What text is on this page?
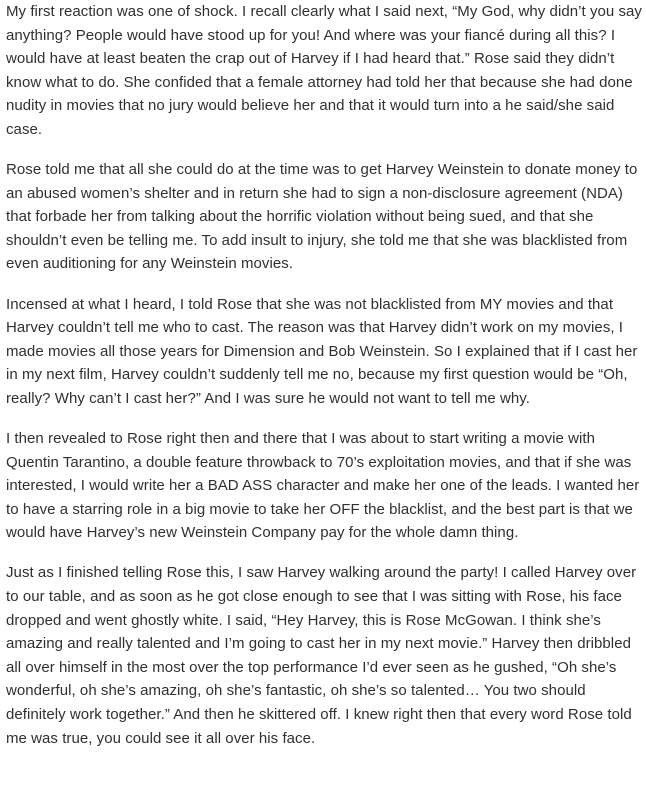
My first reaction was one of shock. I recall clearly what I said next, “My God, why didn’t you say anything? People would have stood up for you! And where was your fiancé during all this? I would have at least beaten the crap out of Harvey if I had heard that.” Rose said they didn’t know what to do. She confided that a female attorney had told her that because she had done nudity in movies that no jury would believe her and that it would turn into a he said/she said case.

Rose told me that all she could do at the time was to get Harvey Weinstein to donate money to an abused women’s shelter and in return she had to sign a non-disclosure agreement (NDA) that forbade her from talking about the horrific violation without being sued, and that she shouldn’t even be telling me. To add insult to injury, she told me that she was blacklisted from even auditioning for any Weinstein movies.

Incensed at what I heard, I told Rose that she was not blacklisted from MY movies and that Harvey couldn’t tell me who to cast. The reason was that Harvey didn’t work on my movies, I made movies all those years for Dimension and Bob Weinstein. So I explained that if I cast her in my next film, Harvey couldn’t suddenly tell me no, because my first question would be “Oh, really? Why can’t I cast her?” And I was sure he would not want to tell me why.

I then revealed to Rose right then and there that I was about to start writing a movie with Quentin Tarantino, a double feature throwback to 70’s exploitation movies, and that if she was interested, I would write her a BAD ASS character and make her one of the leads. I wanted her to have a starring role in a big movie to take her OFF the blacklist, and the best part is that we would have Harvey’s new Weinstein Company pay for the whole damn thing.

Just as I finished telling Rose this, I saw Harvey walking around the party! I called Harvey over to our table, and as soon as he got close enough to see that I was sitting with Rose, his face dropped and went ghostly white. I said, “Hey Harvey, this is Rose McGowan. I think she’s amazing and really talented and I’m going to cast her in my next movie.” Harvey then dribbled all over himself in the most over the top performance I’d ever seen as he gushed, “Oh she’s wonderful, oh she’s amazing, oh she’s fantastic, oh she’s so talented… You two should definitely work together.” And then he skittered off. I knew right then that every word Rose told me was true, you could see it all over his face.
